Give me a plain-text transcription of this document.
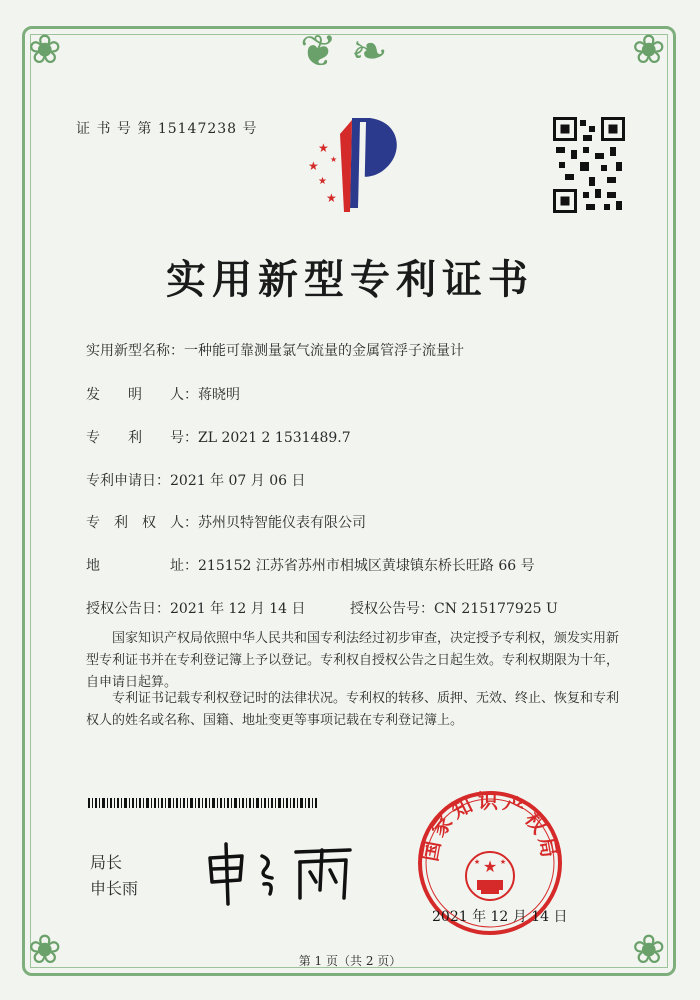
❦ ❧
❀	❀
❀	❀
证 书 号 第 15147238 号
★
★
★
★
★
实用新型专利证书
实用新型名称：一种能可靠测量氯气流量的金属管浮子流量计
发　　明　　人：蒋晓明
专　　利　　号：ZL 2021 2 1531489.7
专利申请日：2021 年 07 月 06 日
专　利　权　人：苏州贝特智能仪表有限公司
地　　　　　址：215152 江苏省苏州市相城区黄埭镇东桥长旺路 66 号
授权公告日：2021 年 12 月 14 日	授权公告号：CN 215177925 U
国家知识产权局依照中华人民共和国专利法经过初步审查，决定授予专利权，颁发实用新型专利证书并在专利登记簿上予以登记。专利权自授权公告之日起生效。专利权期限为十年，自申请日起算。
专利证书记载专利权登记时的法律状况。专利权的转移、质押、无效、终止、恢复和专利权人的姓名或名称、国籍、地址变更等事项记载在专利登记簿上。
局长
申长雨
国家知识产权局
★
★	★
2021 年 12 月 14 日
第 1 页（共 2 页）
